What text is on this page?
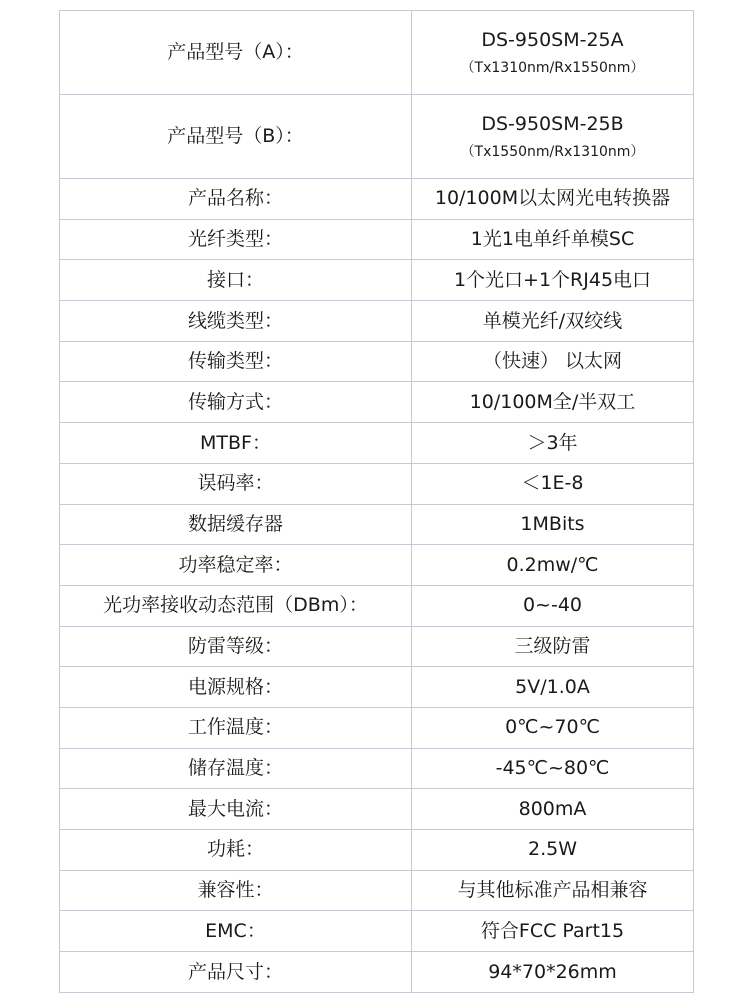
产品型号（A）：	DS-950SM-25A
（Tx1310nm/Rx1550nm）

产品型号（B）：	DS-950SM-25B
（Tx1550nm/Rx1310nm）

产品名称：	10/100M以太网光电转换器
光纤类型：	1光1电单纤单模SC
接口：	1个光口+1个RJ45电口
线缆类型：	单模光纤/双绞线
传输类型：	（快速） 以太网
传输方式：	10/100M全/半双工
MTBF：	＞3年
误码率：	＜1E-8
数据缓存器	1MBits
功率稳定率：	0.2mw/℃
光功率接收动态范围（DBm）：	0~-40
防雷等级：	三级防雷
电源规格：	5V/1.0A
工作温度：	0℃~70℃
储存温度：	-45℃~80℃
最大电流：	800mA
功耗：	2.5W
兼容性：	与其他标准产品相兼容
EMC：	符合FCC Part15
产品尺寸：	94*70*26mm
